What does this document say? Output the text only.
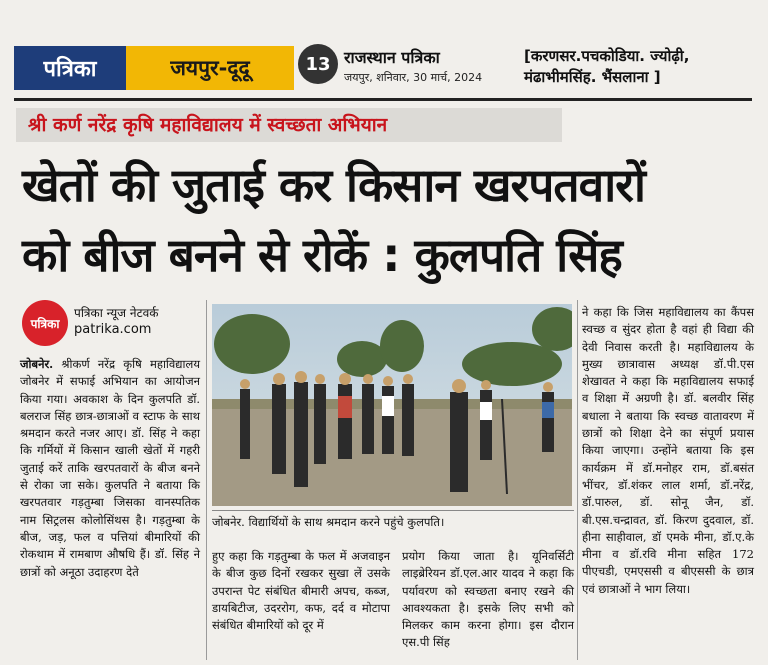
पत्रिका	जयपुर-दूदू	13 राजस्थान पत्रिका
जयपुर, शनिवार, 30 मार्च, 2024
[करणसर.पचकोडिया. ज्योढ़ी, मंढाभीमसिंह. भैंसलाना ]
श्री कर्ण नरेंद्र कृषि महाविद्यालय में स्वच्छता अभियान
खेतों की जुताई कर किसान खरपतवारों
को बीज बनने से रोकें : कुलपति सिंह
पत्रिका
पत्रिका न्यूज नेटवर्क
patrika.com
जोबनेर. श्रीकर्ण नरेंद्र कृषि महाविद्यालय जोबनेर में सफाई अभियान का आयोजन किया गया। अवकाश के दिन कुलपति डॉ. बलराज सिंह छात्र-छात्राओं व स्टाफ के साथ श्रमदान करते नजर आए। डॉ. सिंह ने कहा कि गर्मियों में किसान खाली खेतों में गहरी जुताई करें ताकि खरपतवारों के बीज बनने से रोका जा सके। कुलपति ने बताया कि खरपतवार गड़तुम्बा जिसका वानस्पतिक नाम सिट्रलस कोलोसिंथस है। गड़तुम्बा के बीज, जड़, फल व पत्तियां बीमारियों की रोकथाम में रामबाण औषधि हैं। डॉ. सिंह ने छात्रों को अनूठा उदाहरण देते
जोबनेर. विद्यार्थियों के साथ श्रमदान करने पहुंचे कुलपति।
हुए कहा कि गड़तुम्बा के फल में अजवाइन के बीज कुछ दिनों रखकर सुखा लें उसके उपरान्त पेट संबंधित बीमारी अपच, कब्ज, डायबिटीज, उदररोग, कफ, दर्द व मोटापा संबंधित बीमारियों को दूर में
प्रयोग किया जाता है। यूनिवर्सिटी लाइब्रेरियन डॉ.एल.आर यादव ने कहा कि पर्यावरण को स्वच्छता बनाए रखने की आवश्यकता है। इसके लिए सभी को मिलकर काम करना होगा। इस दौरान एस.पी सिंह
ने कहा कि जिस महाविद्यालय का कैंपस स्वच्छ व सुंदर होता है वहां ही विद्या की देवी निवास करती है। महाविद्यालय के मुख्य छात्रावास अध्यक्ष डॉ.पी.एस शेखावत ने कहा कि महाविद्यालय सफाई व शिक्षा में अग्रणी है। डॉ. बलवीर सिंह बधाला ने बताया कि स्वच्छ वातावरण में छात्रों को शिक्षा देने का संपूर्ण प्रयास किया जाएगा। उन्होंने बताया कि इस कार्यक्रम में डॉ.मनोहर राम, डॉ.बसंत भींचर, डॉ.शंकर लाल शर्मा, डॉ.नरेंद्र, डॉ.पारुल, डॉ. सोनू जैन, डॉ. बी.एस.चन्द्रावत, डॉ. किरण दुदवाल, डॉ. हीना साहीवाल, डॉ एमके मीना, डॉ.ए.के मीना व डॉ.रवि मीना सहित 172 पीएचडी, एमएससी व बीएससी के छात्र एवं छात्राओं ने भाग लिया।
